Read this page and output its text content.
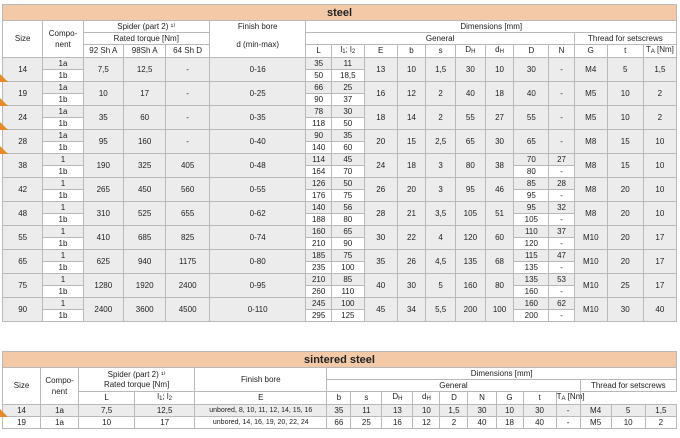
steel																	
Size	Compo-
nent	Spider (part 2) ¹⁾			Finish bore	Dimensions [mm]											
		Rated torque [Nm]			d (min-max)	General									Thread for setscrews		
		92 Sh A	98Sh A	64 Sh D		L	$l_1$; $l_2$	E	b	s	$D_H$	$d_H$	D	N	G	t	$T_A$ [Nm]
14	1a	7,5	12,5	-	0-16	35	11	13	10	1,5	30	10	30	-	M4	5	1,5
	1b					50	18,5										
19	1a	10	17	-	0-25	66	25	16	12	2	40	18	40	-	M5	10	2
	1b					90	37										
24	1a	35	60	-	0-35	78	30	18	14	2	55	27	55	-	M5	10	2
	1b					118	50										
28	1a	95	160	-	0-40	90	35	20	15	2,5	65	30	65	-	M8	15	10
	1b					140	60										
38	1	190	325	405	0-48	114	45	24	18	3	80	38	70	27	M8	15	10
	1b					164	70						80	-			
42	1	265	450	560	0-55	126	50	26	20	3	95	46	85	28	M8	20	10
	1b					176	75						95	-			
48	1	310	525	655	0-62	140	56	28	21	3,5	105	51	95	32	M8	20	10
	1b					188	80						105	-			
55	1	410	685	825	0-74	160	65	30	22	4	120	60	110	37	M10	20	17
	1b					210	90						120	-			
65	1	625	940	1175	0-80	185	75	35	26	4,5	135	68	115	47	M10	20	17
	1b					235	100						135	-			
75	1	1280	1920	2400	0-95	210	85	40	30	5	160	80	135	53	M10	25	17
	1b					260	110						160	-			
90	1	2400	3600	4500	0-110	245	100	45	34	5,5	200	100	160	62	M10	30	40
	1b					295	125						200	-			
sintered steel																
Size	Compo-
nent	Spider (part 2) ¹⁾
Rated torque [Nm]		Finish bore	Dimensions [mm]											
					General									Thread for setscrews		
		L	$l_1$; $l_2$	E	b	s	$D_H$	$d_H$	D	N	G	t	$T_A$ [Nm]			
14	1a	7,5	12,5	unbored, 8, 10, 11, 12, 14, 15, 16	35	11	13	10	1,5	30	10	30	-	M4	5	1,5
19	1a	10	17	unbored, 14, 16, 19, 20, 22, 24	66	25	16	12	2	40	18	40	-	M5	10	2
